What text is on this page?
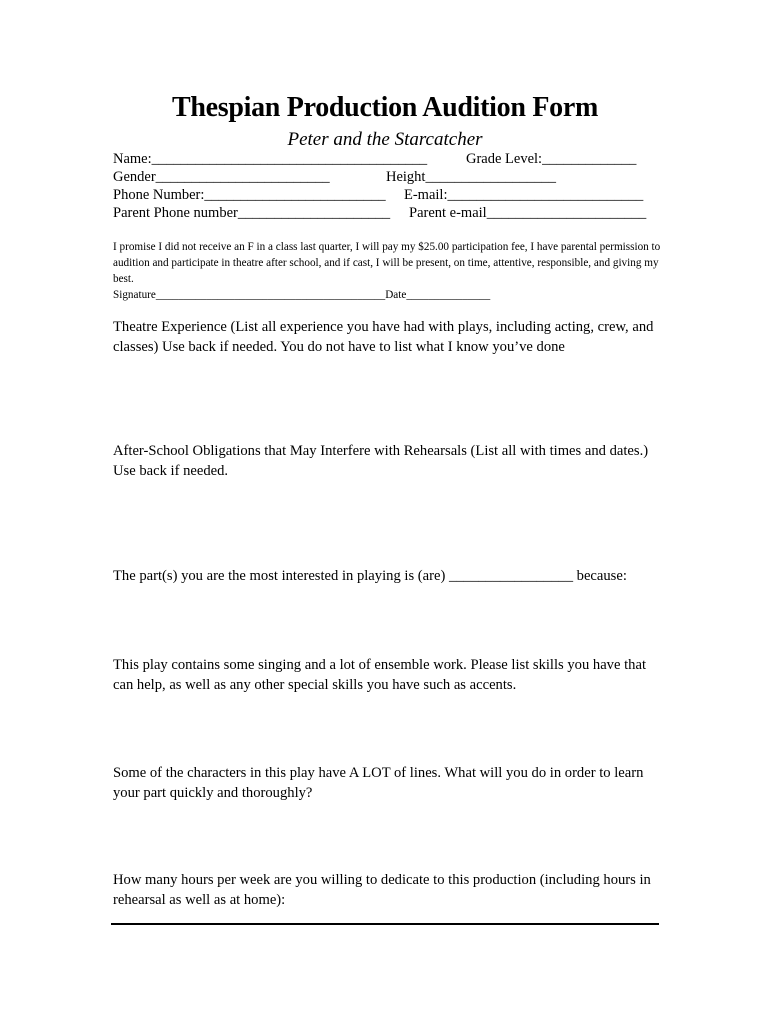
Thespian Production Audition Form
Peter and the Starcatcher
Name:______________________________________	Grade Level:_____________
Gender________________________	Height__________________
Phone Number:_________________________ E-mail:___________________________
Parent Phone number_____________________ Parent e-mail______________________
I promise I did not receive an F in a class last quarter, I will pay my $25.00 participation fee, I have parental permission to audition and participate in theatre after school, and if cast, I will be present, on time, attentive, responsible, and giving my best.
Signature_________________________________________Date_______________
Theatre Experience (List all experience you have had with plays, including acting, crew, and classes) Use back if needed. You do not have to list what I know you’ve done
After-School Obligations that May Interfere with Rehearsals (List all with times and dates.) Use back if needed.
The part(s) you are the most interested in playing is (are) _________________ because:
This play contains some singing and a lot of ensemble work. Please list skills you have that can help, as well as any other special skills you have such as accents.
Some of the characters in this play have A LOT of lines. What will you do in order to learn your part quickly and thoroughly?
How many hours per week are you willing to dedicate to this production (including hours in rehearsal as well as at home):
